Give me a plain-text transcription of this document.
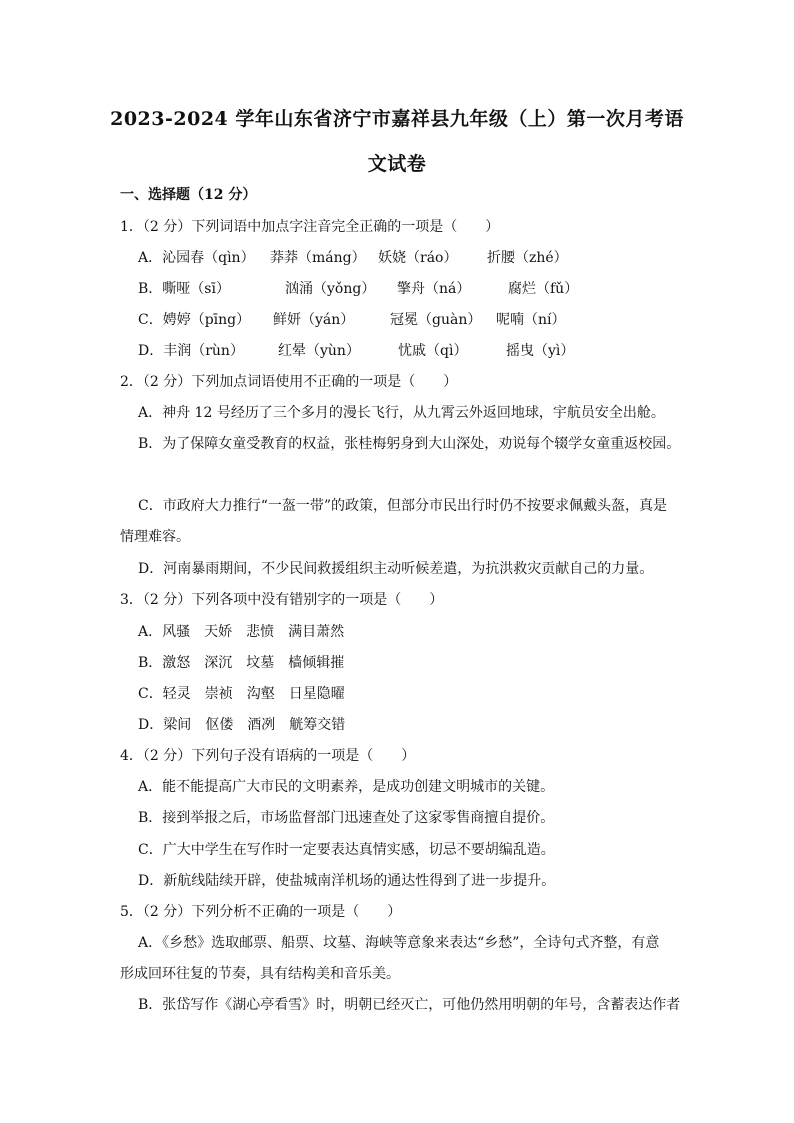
2023-2024 学年山东省济宁市嘉祥县九年级（上）第一次月考语
文试卷
一、选择题（12 分）
1．（2 分）下列词语中加点字注音完全正确的一项是（　　）
A．沁园春（qìn） 莽莽（máng） 妖娆（ráo） 折腰（zhé）
B．嘶哑（sī）	汹涌（yǒng） 擎舟（ná）	腐烂（fǔ）
C．娉婷（pīng） 鲜妍（yán）	冠冕（guàn） 呢喃（ní）
D．丰润（rùn） 红晕（yùn）	忧戚（qì）	摇曳（yì）
2．（2 分）下列加点词语使用不正确的一项是（　　）
A．神舟 12 号经历了三个多月的漫长飞行，从九霄云外返回地球，宇航员安全出舱。
B．为了保障女童受教育的权益，张桂梅躬身到大山深处，劝说每个辍学女童重返校园。
C．市政府大力推行“一盔一带”的政策，但部分市民出行时仍不按要求佩戴头盔，真是
情理难容。
D．河南暴雨期间，不少民间救援组织主动听候差遣，为抗洪救灾贡献自己的力量。
3．（2 分）下列各项中没有错别字的一项是（　　）
A．风骚　天娇　悲愤　满目萧然
B．激怒　深沉　坟墓　樯倾辑摧
C．轻灵　崇祯　沟壑　日星隐曜
D．梁间　伛偻　酒冽　觥筹交错
4．（2 分）下列句子没有语病的一项是（　　）
A．能不能提高广大市民的文明素养，是成功创建文明城市的关键。
B．接到举报之后，市场监督部门迅速查处了这家零售商擅自提价。
C．广大中学生在写作时一定要表达真情实感，切忌不要胡编乱造。
D．新航线陆续开辟，使盐城南洋机场的通达性得到了进一步提升。
5．（2 分）下列分析不正确的一项是（　　）
A．《乡愁》选取邮票、船票、坟墓、海峡等意象来表达“乡愁”，全诗句式齐整，有意
形成回环往复的节奏，具有结构美和音乐美。
B．张岱写作《湖心亭看雪》时，明朝已经灭亡，可他仍然用明朝的年号，含蓄表达作者
